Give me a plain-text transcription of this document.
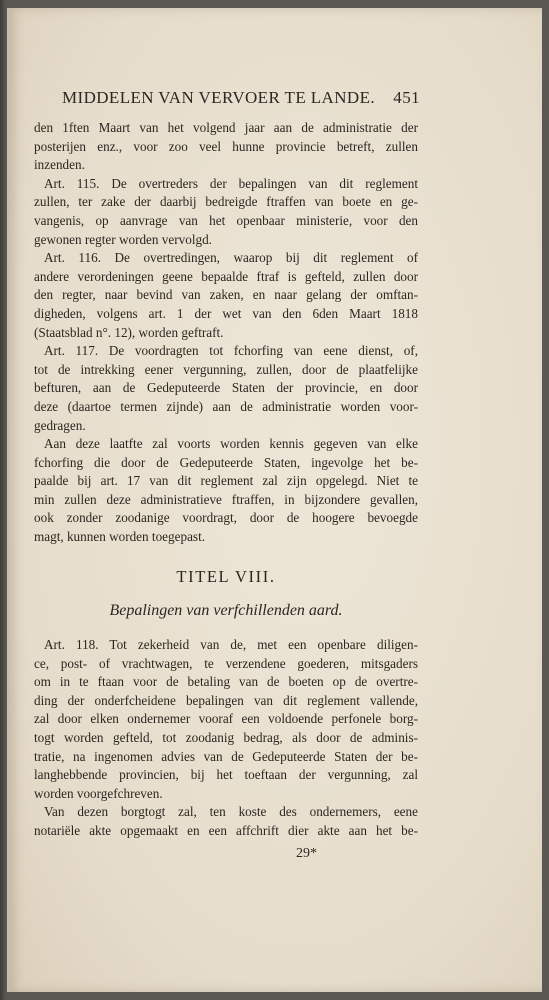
MIDDELEN VAN VERVOER TE LANDE. 451
den 1ften Maart van het volgend jaar aan de administratie der
posterijen enz., voor zoo veel hunne provincie betreft, zullen
inzenden.
Art. 115. De overtreders der bepalingen van dit reglement
zullen, ter zake der daarbij bedreigde ftraffen van boete en ge-
vangenis, op aanvrage van het openbaar ministerie, voor den
gewonen regter worden vervolgd.
Art. 116. De overtredingen, waarop bij dit reglement of
andere verordeningen geene bepaalde ftraf is gefteld, zullen door
den regter, naar bevind van zaken, en naar gelang der omftan-
digheden, volgens art. 1 der wet van den 6den Maart 1818
(Staatsblad n°. 12), worden geftraft.
Art. 117. De voordragten tot fchorfing van eene dienst, of,
tot de intrekking eener vergunning, zullen, door de plaatfelijke
befturen, aan de Gedeputeerde Staten der provincie, en door
deze (daartoe termen zijnde) aan de administratie worden voor-
gedragen.
Aan deze laatfte zal voorts worden kennis gegeven van elke
fchorfing die door de Gedeputeerde Staten, ingevolge het be-
paalde bij art. 17 van dit reglement zal zijn opgelegd. Niet te
min zullen deze administratieve ftraffen, in bijzondere gevallen,
ook zonder zoodanige voordragt, door de hoogere bevoegde
magt, kunnen worden toegepast.
TITEL VIII.
Bepalingen van verfchillenden aard.
Art. 118. Tot zekerheid van de, met een openbare diligen-
ce, post- of vrachtwagen, te verzendene goederen, mitsgaders
om in te ftaan voor de betaling van de boeten op de overtre-
ding der onderfcheidene bepalingen van dit reglement vallende,
zal door elken ondernemer vooraf een voldoende perfonele borg-
togt worden gefteld, tot zoodanig bedrag, als door de adminis-
tratie, na ingenomen advies van de Gedeputeerde Staten der be-
langhebbende provincien, bij het toeftaan der vergunning, zal
worden voorgefchreven.
Van dezen borgtogt zal, ten koste des ondernemers, eene
notariële akte opgemaakt en een affchrift dier akte aan het be-
29*
